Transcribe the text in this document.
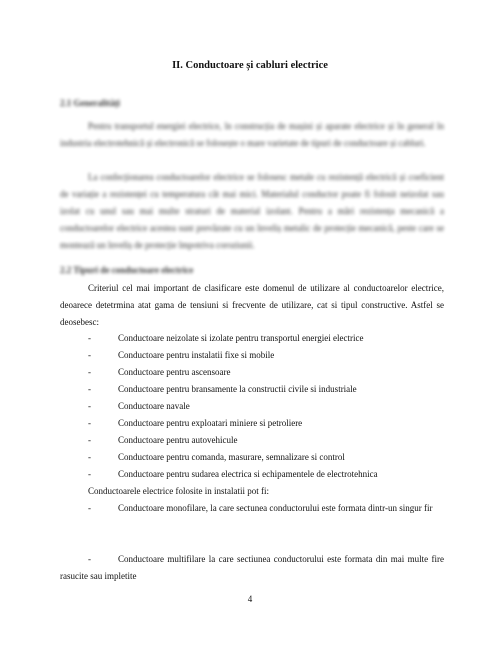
II. Conductoare și cabluri electrice
2.1 Generalități
Pentru transportul energiei electrice, în construcția de mașini și aparate electrice și în general în industria electrotehnică și electronică se folosește o mare varietate de tipuri de conductoare și cabluri.
La confecționarea conductoarelor electrice se folosesc metale cu rezistență electrică și coeficient de variație a rezistenței cu temperatura cât mai mici. Materialul conductor poate fi folosit neizolat sau izolat cu unul sau mai multe straturi de material izolant. Pentru a mări rezistența mecanică a conductoarelor electrice acestea sunt prevăzute cu un înveliș metalic de protecție mecanică, peste care se montează un înveliș de protecție împotriva coroziunii.
2.2 Tipuri de conductoare electrice
Criteriul cel mai important de clasificare este domenul de utilizare al conductoarelor electrice, deoarece detetrmina atat gama de tensiuni si frecvente de utilizare, cat si tipul constructive. Astfel se deosebesc:
-	Conductoare neizolate si izolate pentru transportul energiei electrice
-	Conductoare pentru instalatii fixe si mobile
-	Conductoare pentru ascensoare
-	Conductoare pentru bransamente la constructii civile si industriale
-	Conductoare navale
-	Conductoare pentru exploatari miniere si petroliere
-	Conductoare pentru autovehicule
-	Conductoare pentru comanda, masurare, semnalizare si control
-	Conductoare pentru sudarea electrica si echipamentele de electrotehnica
Conductoarele electrice folosite in instalatii pot fi:
-	Conductoare monofilare, la care sectunea conductorului este formata dintr-un singur fir
-	Conductoare multifilare la care sectiunea conductorului este formata din mai multe fire rasucite sau impletite
4
